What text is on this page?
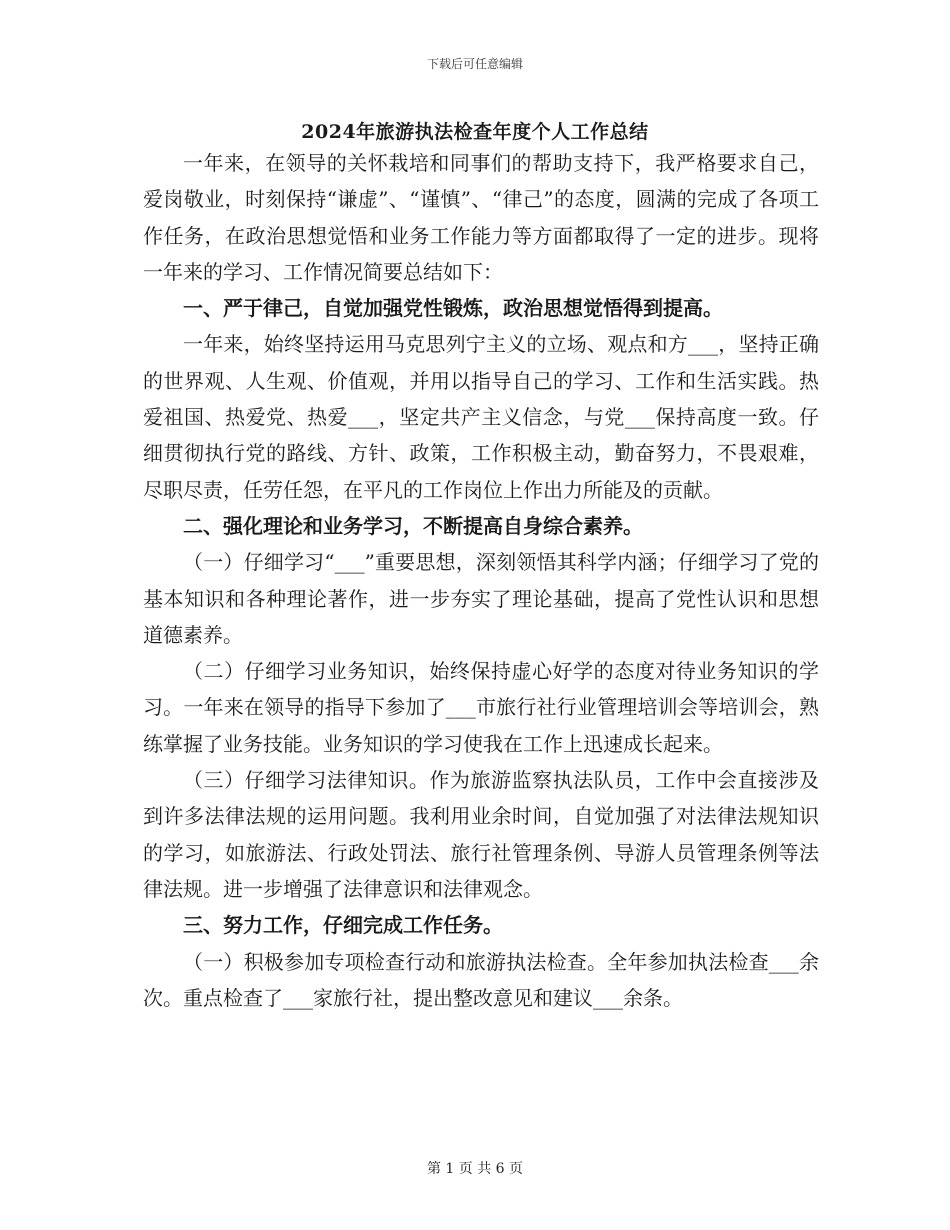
下载后可任意编辑
2024年旅游执法检查年度个人工作总结

一年来，在领导的关怀栽培和同事们的帮助支持下，我严格要求自己，爱岗敬业，时刻保持“谦虚”、“谨慎”、“律己”的态度，圆满的完成了各项工作任务，在政治思想觉悟和业务工作能力等方面都取得了一定的进步。现将一年来的学习、工作情况简要总结如下：

一、严于律己，自觉加强党性锻炼，政治思想觉悟得到提高。

一年来，始终坚持运用马克思列宁主义的立场、观点和方___，坚持正确的世界观、人生观、价值观，并用以指导自己的学习、工作和生活实践。热爱祖国、热爱党、热爱___，坚定共产主义信念，与党___保持高度一致。仔细贯彻执行党的路线、方针、政策，工作积极主动，勤奋努力，不畏艰难，尽职尽责，任劳任怨，在平凡的工作岗位上作出力所能及的贡献。

二、强化理论和业务学习，不断提高自身综合素养。

（一）仔细学习“___”重要思想，深刻领悟其科学内涵；仔细学习了党的基本知识和各种理论著作，进一步夯实了理论基础，提高了党性认识和思想道德素养。

（二）仔细学习业务知识，始终保持虚心好学的态度对待业务知识的学习。一年来在领导的指导下参加了___市旅行社行业管理培训会等培训会，熟练掌握了业务技能。业务知识的学习使我在工作上迅速成长起来。

（三）仔细学习法律知识。作为旅游监察执法队员，工作中会直接涉及到许多法律法规的运用问题。我利用业余时间，自觉加强了对法律法规知识的学习，如旅游法、行政处罚法、旅行社管理条例、导游人员管理条例等法律法规。进一步增强了法律意识和法律观念。

三、努力工作，仔细完成工作任务。

（一）积极参加专项检查行动和旅游执法检查。全年参加执法检查___余次。重点检查了___家旅行社，提出整改意见和建议___余条。

第 1 页 共 6 页
